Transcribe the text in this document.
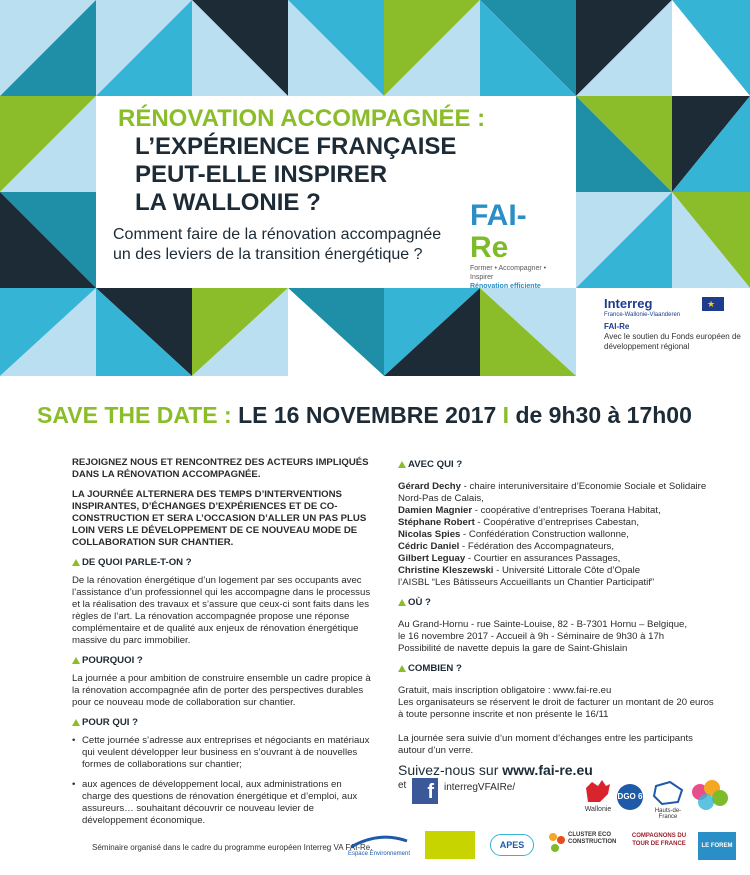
RÉNOVATION ACCOMPAGNÉE :
L’EXPÉRIENCE FRANÇAISE
PEUT-ELLE INSPIRER
LA WALLONIE ?
Comment faire de la rénovation accompagnée
un des leviers de la transition énergétique ?
FAI-Re
Former • Accompagner • Inspirer
Rénovation efficiente
Interreg	★
France-Wallonie-Vlaanderen
FAI-Re
Avec le soutien du Fonds européen de développement régional
SAVE THE DATE : LE 16 NOVEMBRE 2017 I de 9h30 à 17h00

REJOIGNEZ NOUS ET RENCONTREZ DES ACTEURS IMPLIQUÉS DANS LA RÉNOVATION ACCOMPAGNÉE.

LA JOURNÉE ALTERNERA DES TEMPS D’INTERVENTIONS INSPIRANTES, D’ÉCHANGES D’EXPÉRIENCES ET DE CO-CONSTRUCTION ET SERA L’OCCASION D’ALLER UN PAS PLUS LOIN VERS LE DÉVELOPPEMENT DE CE NOUVEAU MODE DE COLLABORATION SUR CHANTIER.

DE QUOI PARLE-T-ON ?

De la rénovation énergétique d’un logement par ses occupants avec l’assistance d’un professionnel qui les accompagne dans le processus et la réalisation des travaux et s’assure que ceux-ci sont faits dans les règles de l’art. La rénovation accompagnée propose une réponse complémentaire et de qualité aux enjeux de rénovation énergétique massive du parc immobilier.

POURQUOI ?

La journée a pour ambition de construire ensemble un cadre propice à la rénovation accompagnée afin de porter des perspectives durables pour ce nouveau mode de collaboration sur chantier.

POUR QUI ?
• Cette journée s’adresse aux entreprises et négociants en matériaux qui veulent développer leur business en s’ouvrant à de nouvelles formes de collaborations sur chantier;
• aux agences de développement local, aux administrations en charge des questions de rénovation énergétique et d’emploi, aux assureurs… souhaitant découvrir ce nouveau levier de développement économique.
AVEC QUI ?
Gérard Dechy - chaire interuniversitaire d’Economie Sociale et Solidaire Nord-Pas de Calais,
Damien Magnier - coopérative d’entreprises Toerana Habitat,
Stéphane Robert - Coopérative d’entreprises Cabestan,
Nicolas Spies - Confédération Construction wallonne,
Cédric Daniel - Fédération des Accompagnateurs,
Gilbert Leguay - Courtier en assurances Passages,
Christine Kleszewski - Université Littorale Côte d’Opale
l’AISBL “Les Bâtisseurs Accueillants un Chantier Participatif”
OÙ ?
Au Grand-Hornu - rue Sainte-Louise, 82 - B-7301 Hornu – Belgique,
le 16 novembre 2017 - Accueil à 9h - Séminaire de 9h30 à 17h
Possibilité de navette depuis la gare de Saint-Ghislain
COMBIEN ?
Gratuit, mais inscription obligatoire : www.fai-re.eu
Les organisateurs se réservent le droit de facturer un montant de 20 euros à toute personne inscrite et non présente le 16/11
La journée sera suivie d’un moment d’échanges entre les participants autour d’un verre.
Suivez-nous sur www.fai-re.eu
et	f	interregVFAIRe/
Wallonie
DGO 6
Hauts-de-France
Séminaire organisé dans le cadre du programme européen Interreg VA FAI-Re.
Espace Environnement
APES
CLUSTER ECO CONSTRUCTION
COMPAGNONS DU TOUR DE FRANCE	LE FOREM
